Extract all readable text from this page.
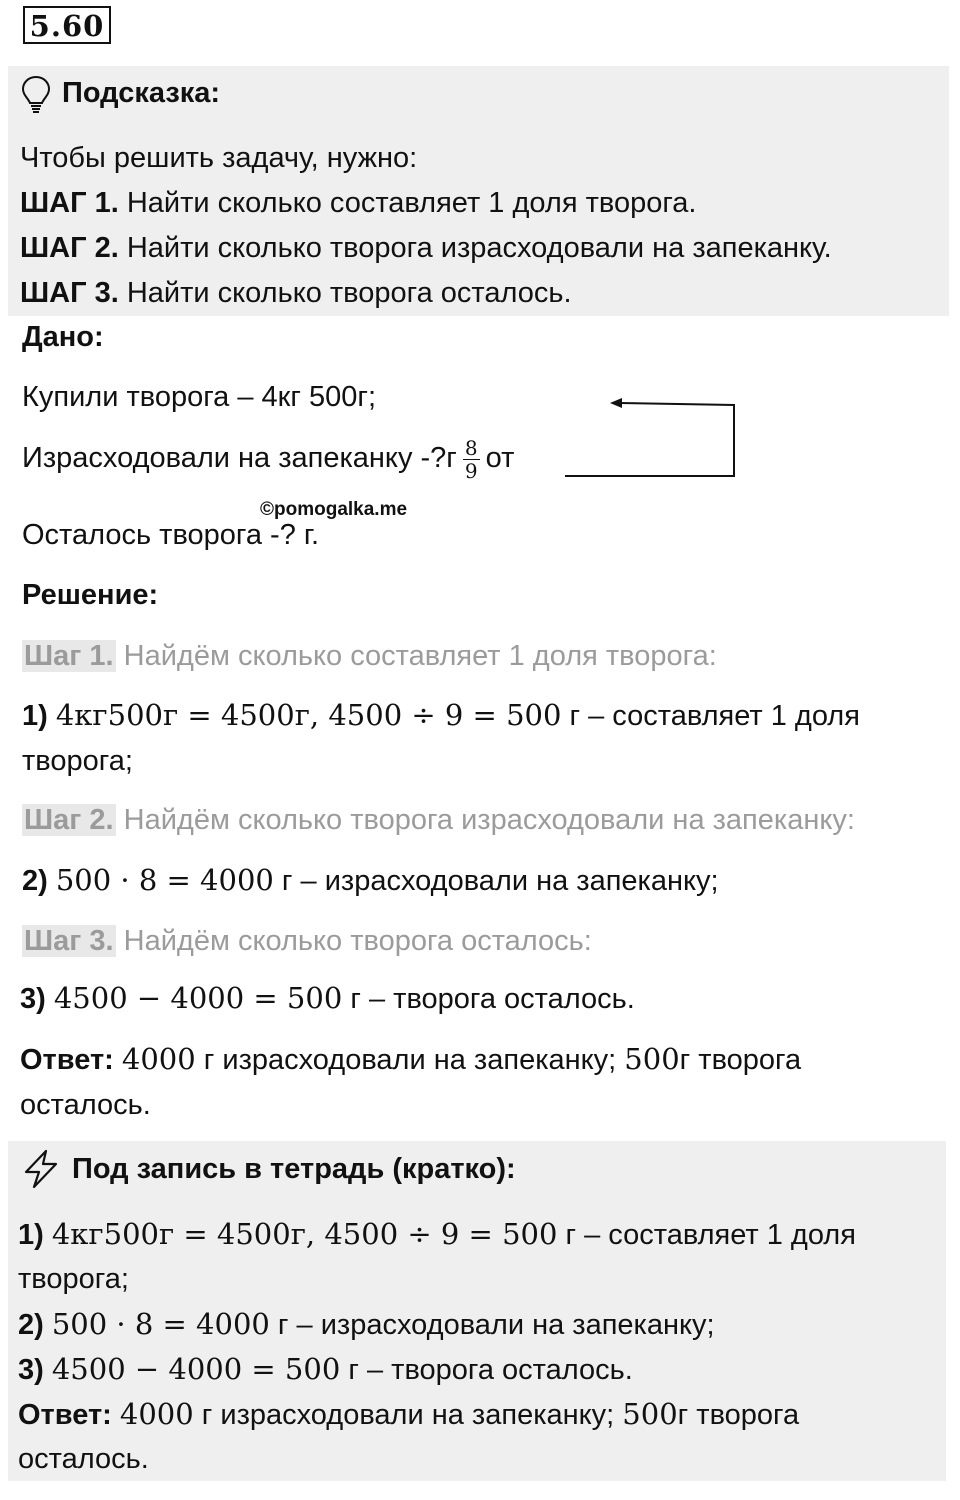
5.60
Подсказка:
Чтобы решить задачу, нужно:
ШАГ 1. Найти сколько составляет 1 доля творога.
ШАГ 2. Найти сколько творога израсходовали на запеканку.
ШАГ 3. Найти сколько творога осталось.
Дано:
Купили творога – 4кг 500г;
Израсходовали на запеканку -?г $\frac{8}{9}$ от
©pomogalka.me
Осталось творога -? г.
Решение:
Шаг 1. Найдём сколько составляет 1 доля творога:
1) 4кг500г = 4500г, 4500 ÷ 9 = 500 г – составляет 1 доля
творога;
Шаг 2. Найдём сколько творога израсходовали на запеканку:
2) 500 · 8 = 4000 г – израсходовали на запеканку;
Шаг 3. Найдём сколько творога осталось:
3) 4500 − 4000 = 500 г – творога осталось.
Ответ: 4000 г израсходовали на запеканку; 500г творога
осталось.
Под запись в тетрадь (кратко):
1) 4кг500г = 4500г, 4500 ÷ 9 = 500 г – составляет 1 доля
творога;
2) 500 · 8 = 4000 г – израсходовали на запеканку;
3) 4500 − 4000 = 500 г – творога осталось.
Ответ: 4000 г израсходовали на запеканку; 500г творога
осталось.
